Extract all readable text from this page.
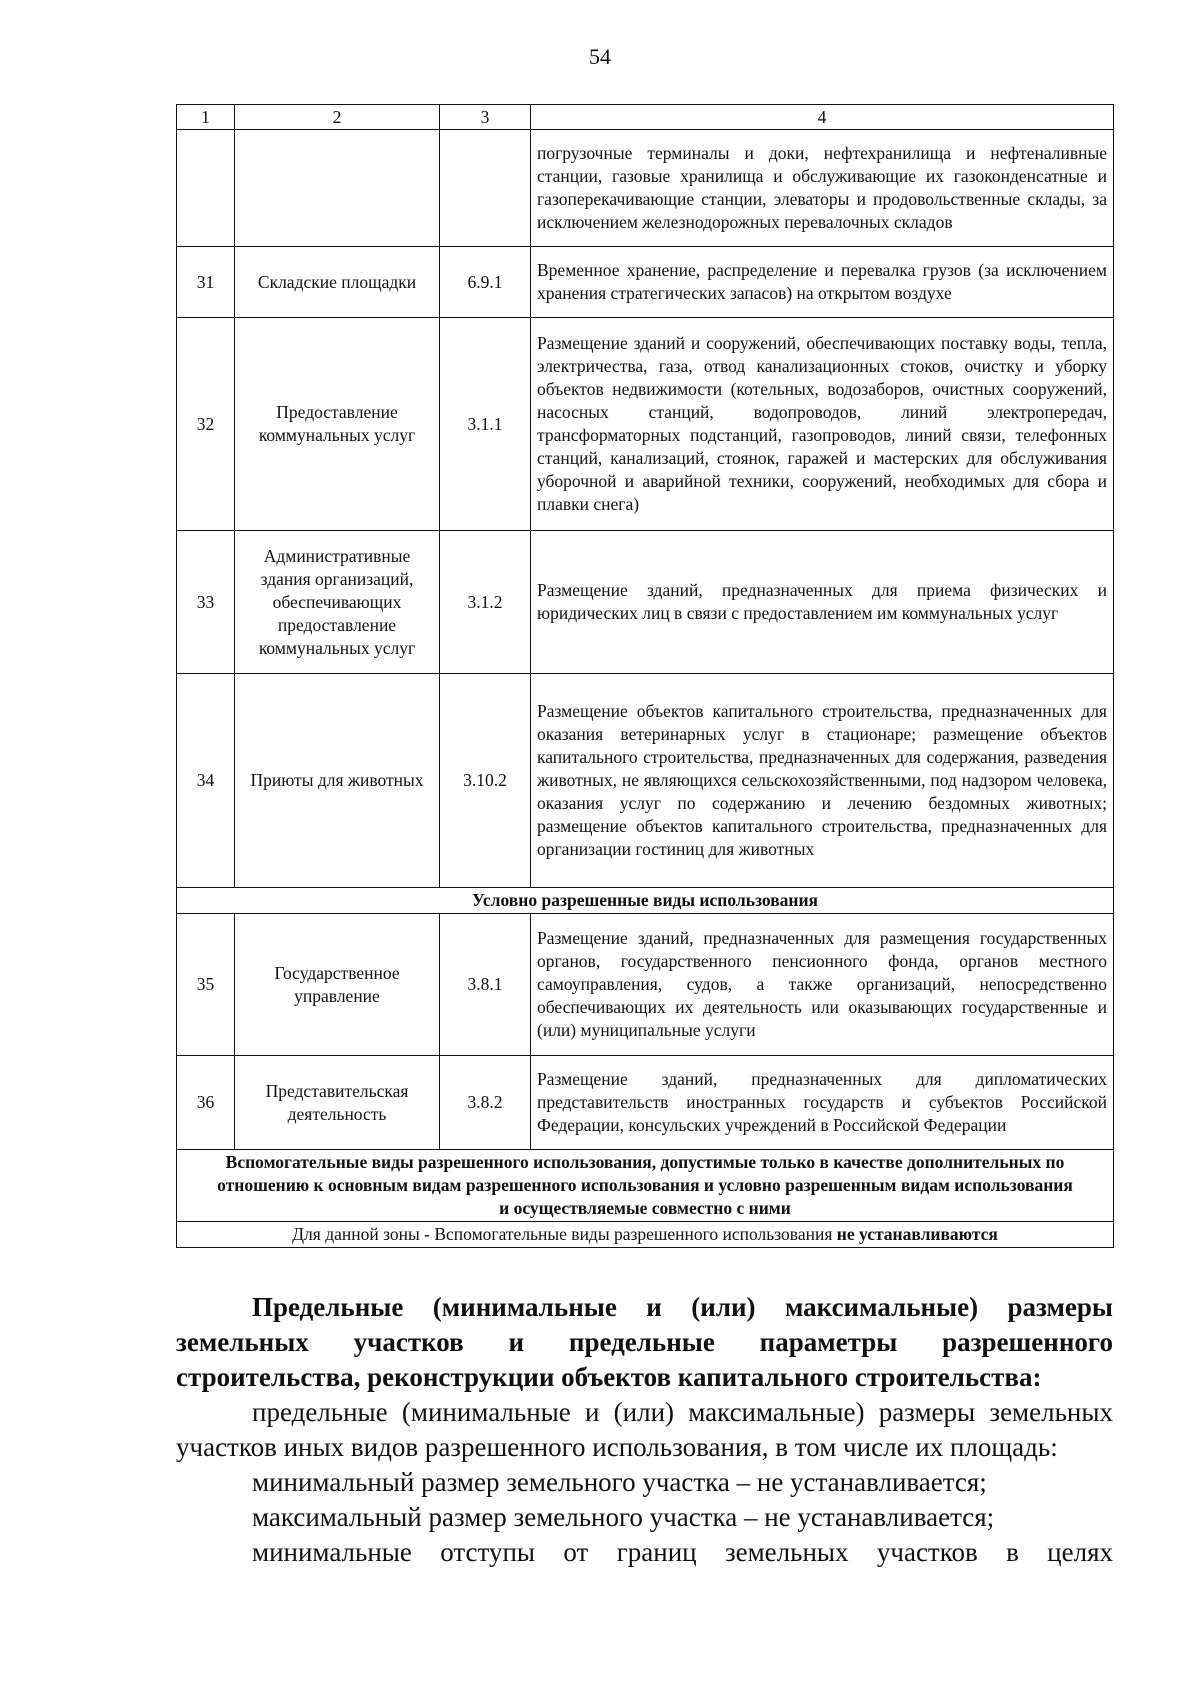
54
1	2	3	4
			погрузочные терминалы и доки, нефтехранилища и нефтеналивные станции, газовые хранилища и обслуживающие их газоконденсатные и газоперекачивающие станции, элеваторы и продовольственные склады, за исключением железнодорожных перевалочных складов
31	Складские площадки	6.9.1	Временное хранение, распределение и перевалка грузов (за исключением хранения стратегических запасов) на открытом воздухе
32	Предоставление коммунальных услуг	3.1.1	Размещение зданий и сооружений, обеспечивающих поставку воды, тепла, электричества, газа, отвод канализационных стоков, очистку и уборку объектов недвижимости (котельных, водозаборов, очистных сооружений, насосных станций, водопроводов, линий электропередач, трансформаторных подстанций, газопроводов, линий связи, телефонных станций, канализаций, стоянок, гаражей и мастерских для обслуживания уборочной и аварийной техники, сооружений, необходимых для сбора и плавки снега)
33	Административные здания организаций, обеспечивающих предоставление коммунальных услуг	3.1.2	Размещение зданий, предназначенных для приема физических и юридических лиц в связи с предоставлением им коммунальных услуг
34	Приюты для животных	3.10.2	Размещение объектов капитального строительства, предназначенных для оказания ветеринарных услуг в стационаре; размещение объектов капитального строительства, предназначенных для содержания, разведения животных, не являющихся сельскохозяйственными, под надзором человека, оказания услуг по содержанию и лечению бездомных животных; размещение объектов капитального строительства, предназначенных для организации гостиниц для животных
Условно разрешенные виды использования			
35	Государственное управление	3.8.1	Размещение зданий, предназначенных для размещения государственных органов, государственного пенсионного фонда, органов местного самоуправления, судов, а также организаций, непосредственно обеспечивающих их деятельность или оказывающих государственные и (или) муниципальные услуги
36	Представительская деятельность	3.8.2	Размещение зданий, предназначенных для дипломатических представительств иностранных государств и субъектов Российской Федерации, консульских учреждений в Российской Федерации
Вспомогательные виды разрешенного использования, допустимые только в качестве дополнительных по отношению к основным видам разрешенного использования и условно разрешенным видам использования и осуществляемые совместно с ними			
Для данной зоны - Вспомогательные виды разрешенного использования не устанавливаются			

Предельные (минимальные и (или) максимальные) размеры земельных участков и предельные параметры разрешенного строительства, реконструкции объектов капитального строительства:

предельные (минимальные и (или) максимальные) размеры земельных участков иных видов разрешенного использования, в том числе их площадь:

минимальный размер земельного участка – не устанавливается;

максимальный размер земельного участка – не устанавливается;

минимальные отступы от границ земельных участков в целях
